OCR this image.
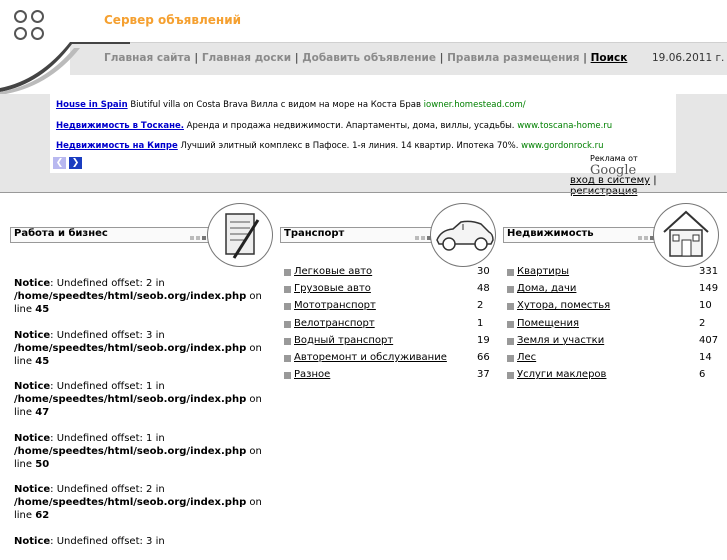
Сервер объявлений
Главная сайта | Главная доски | Добавить объявление | Правила размещения | Поиск 19.06.2011 г.
House in Spain Biutiful villa on Costa Brava Вилла с видом на море на Коста Брав iowner.homestead.com/
Недвижимость в Тоскане. Аренда и продажа недвижимости. Апартаменты, дома, виллы, усадьбы. www.toscana-home.ru
Недвижимость на Кипре Лучший элитный комплекс в Пафосе. 1-я линия. 14 квартир. Ипотека 70%. www.gordonrock.ru
❮ ❯	Реклама от Google
вход в систему | регистрация
Работа и бизнес
Notice: Undefined offset: 2 in
/home/speedtes/html/seob.org/index.php on line 45
Notice: Undefined offset: 3 in
/home/speedtes/html/seob.org/index.php on line 45
Notice: Undefined offset: 1 in
/home/speedtes/html/seob.org/index.php on line 47
Notice: Undefined offset: 1 in
/home/speedtes/html/seob.org/index.php on line 50
Notice: Undefined offset: 2 in
/home/speedtes/html/seob.org/index.php on line 62
Notice: Undefined offset: 3 in
Транспорт
Легковые авто	30
Грузовые авто	48
Мототранспорт	2
Велотранспорт	1
Водный транспорт	19
Авторемонт и обслуживание	66
Разное	37
Недвижимость
Квартиры	331
Дома, дачи	149
Хутора, поместья	10
Помещения	2
Земля и участки	407
Лес	14
Услуги маклеров	6
